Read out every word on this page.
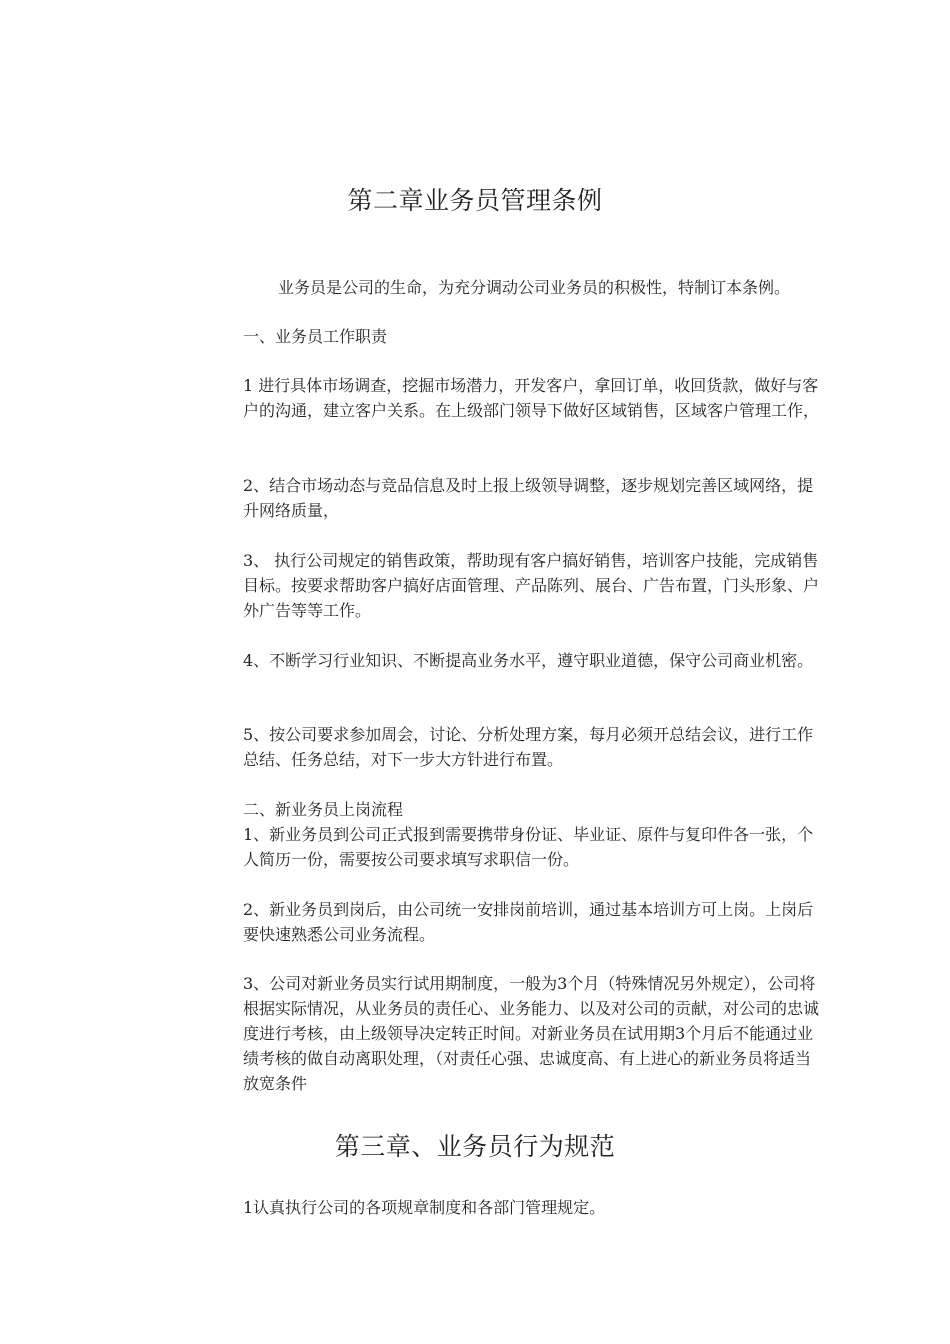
第二章业务员管理条例

业务员是公司的生命，为充分调动公司业务员的积极性，特制订本条例。

一、业务员工作职责

1 进行具体市场调查，挖掘市场潜力，开发客户，拿回订单，收回货款，做好与客户的沟通，建立客户关系。在上级部门领导下做好区域销售，区域客户管理工作，

2、结合市场动态与竞品信息及时上报上级领导调整，逐步规划完善区域网络，提升网络质量，

3、 执行公司规定的销售政策，帮助现有客户搞好销售，培训客户技能，完成销售目标。按要求帮助客户搞好店面管理、产品陈列、展台、广告布置，门头形象、户外广告等等工作。

4、不断学习行业知识、不断提高业务水平，遵守职业道德，保守公司商业机密。

5、按公司要求参加周会，讨论、分析处理方案，每月必须开总结会议，进行工作总结、任务总结，对下一步大方针进行布置。

二、新业务员上岗流程

1、新业务员到公司正式报到需要携带身份证、毕业证、原件与复印件各一张，个人简历一份，需要按公司要求填写求职信一份。

2、新业务员到岗后，由公司统一安排岗前培训，通过基本培训方可上岗。上岗后要快速熟悉公司业务流程。

3、公司对新业务员实行试用期制度，一般为3个月（特殊情况另外规定），公司将根据实际情况，从业务员的责任心、业务能力、以及对公司的贡献，对公司的忠诚度进行考核，由上级领导决定转正时间。对新业务员在试用期3个月后不能通过业绩考核的做自动离职处理，（对责任心强、忠诚度高、有上进心的新业务员将适当放宽条件

第三章、业务员行为规范

1认真执行公司的各项规章制度和各部门管理规定。
